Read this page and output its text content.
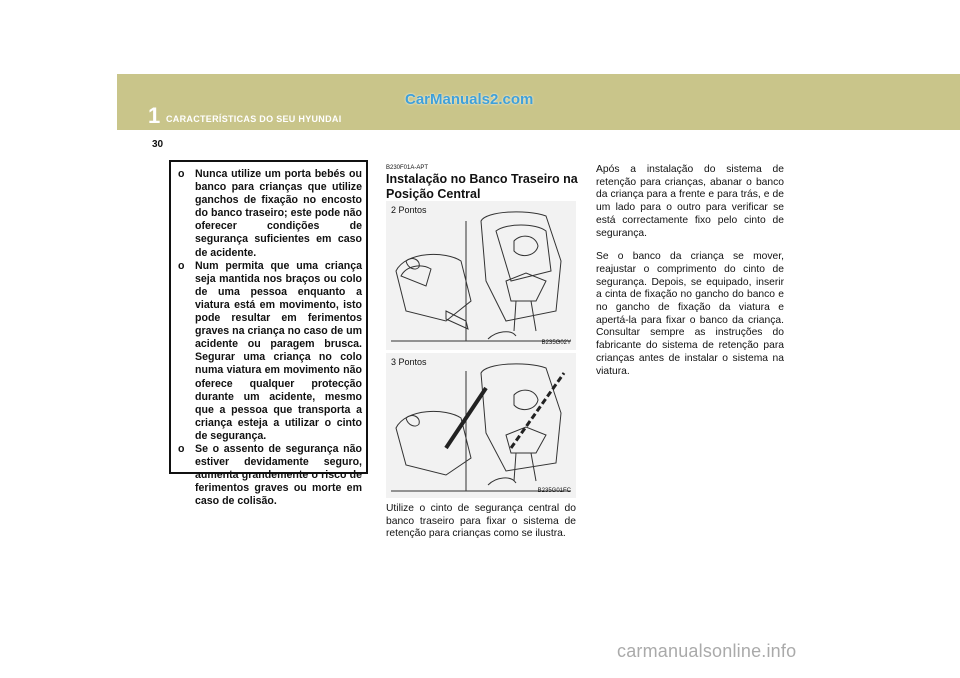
1 CARACTERÍSTICAS DO SEU HYUNDAI
CarManuals2.com
30
o Nunca utilize um porta bebés ou banco para crianças que utilize ganchos de fixação no encosto do banco traseiro; este pode não oferecer condições de segurança suficientes em caso de acidente.
o Num permita que uma criança seja mantida nos braços ou colo de uma pessoa enquanto a viatura está em movimento, isto pode resultar em ferimentos graves na criança no caso de um acidente ou paragem brusca. Segurar uma criança no colo numa viatura em movimento não oferece qualquer protecção durante um acidente, mesmo que a pessoa que transporta a criança esteja a utilizar o cinto de segurança.
o Se o assento de segurança não estiver devidamente seguro, aumenta grandemente o risco de ferimentos graves ou morte em caso de colisão.
B230F01A-APT
Instalação no Banco Traseiro na Posição Central
2 Pontos
B235G02Y
3 Pontos
B235G01FC
Utilize o cinto de segurança central do banco traseiro para fixar o sistema de retenção para crianças como se ilustra.

Após a instalação do sistema de retenção para crianças, abanar o banco da criança para a frente e para trás, e de um lado para o outro para verificar se está correctamente fixo pelo cinto de segurança.

Se o banco da criança se mover, reajustar o comprimento do cinto de segurança. Depois, se equipado, inserir a cinta de fixação no gancho do banco e no gancho de fixação da viatura e apertá-la para fixar o banco da criança. Consultar sempre as instruções do fabricante do sistema de retenção para crianças antes de instalar o sistema na viatura.

carmanualsonline.info
